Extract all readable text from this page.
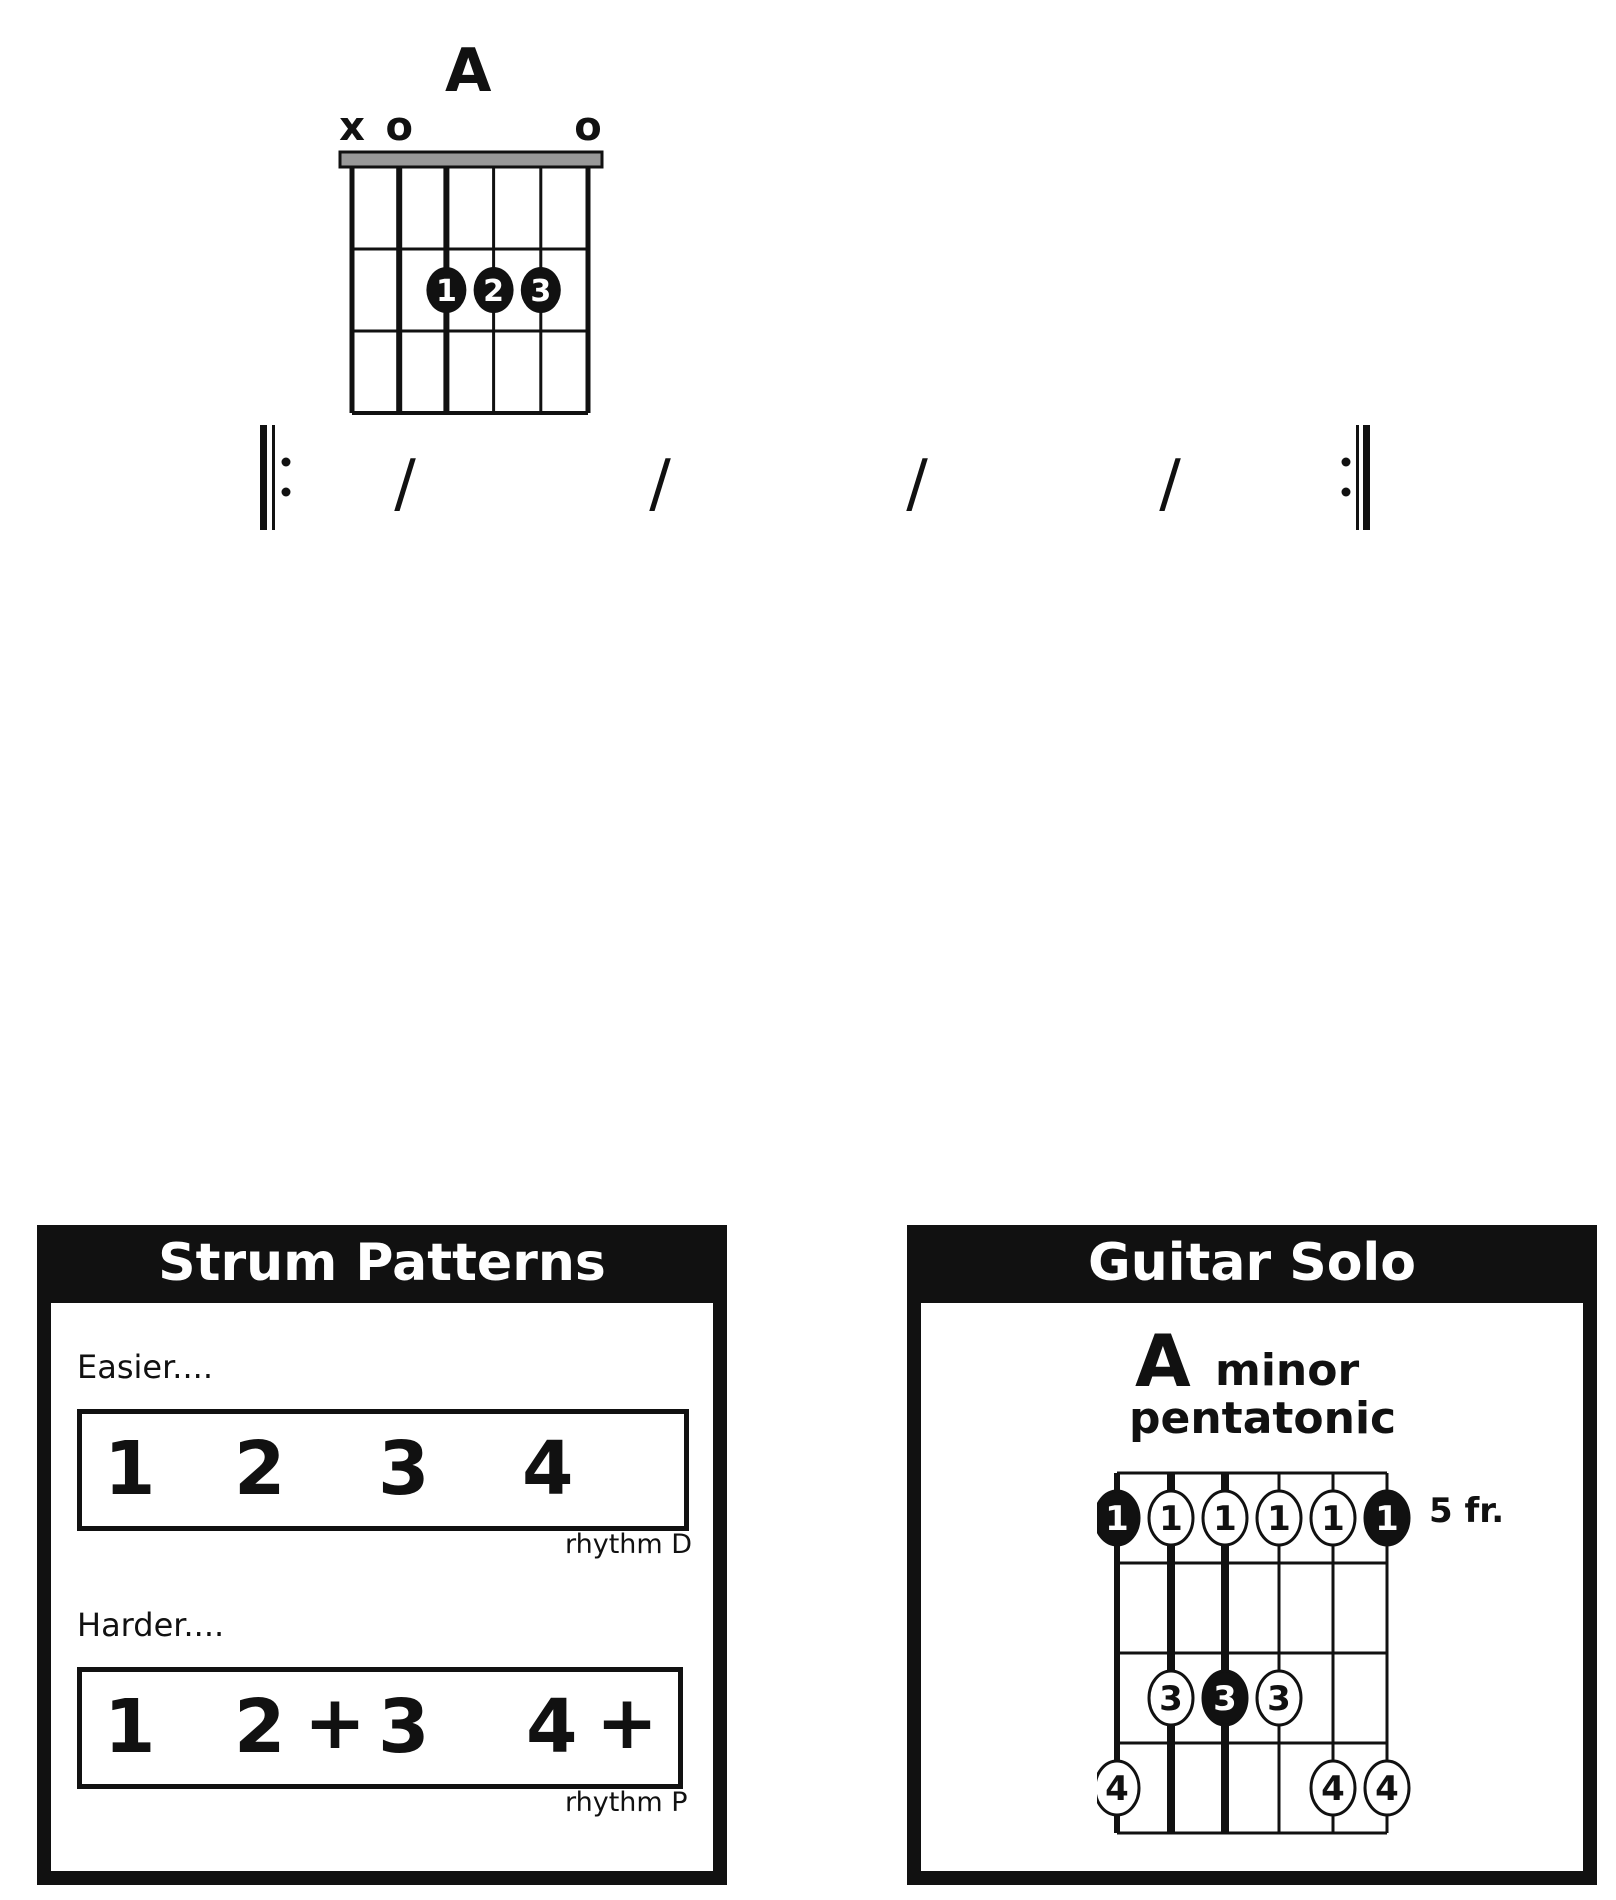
A
x o	o
1 2 3
/	/	/	/
Strum Patterns
Easier....
1 2 3 4
rhythm D
Harder....
1 2 + 3 4 +
rhythm P
Guitar Solo
A minor
pentatonic
5 fr.
1 1 1 1 1 1
3 3 3
4	4 4
